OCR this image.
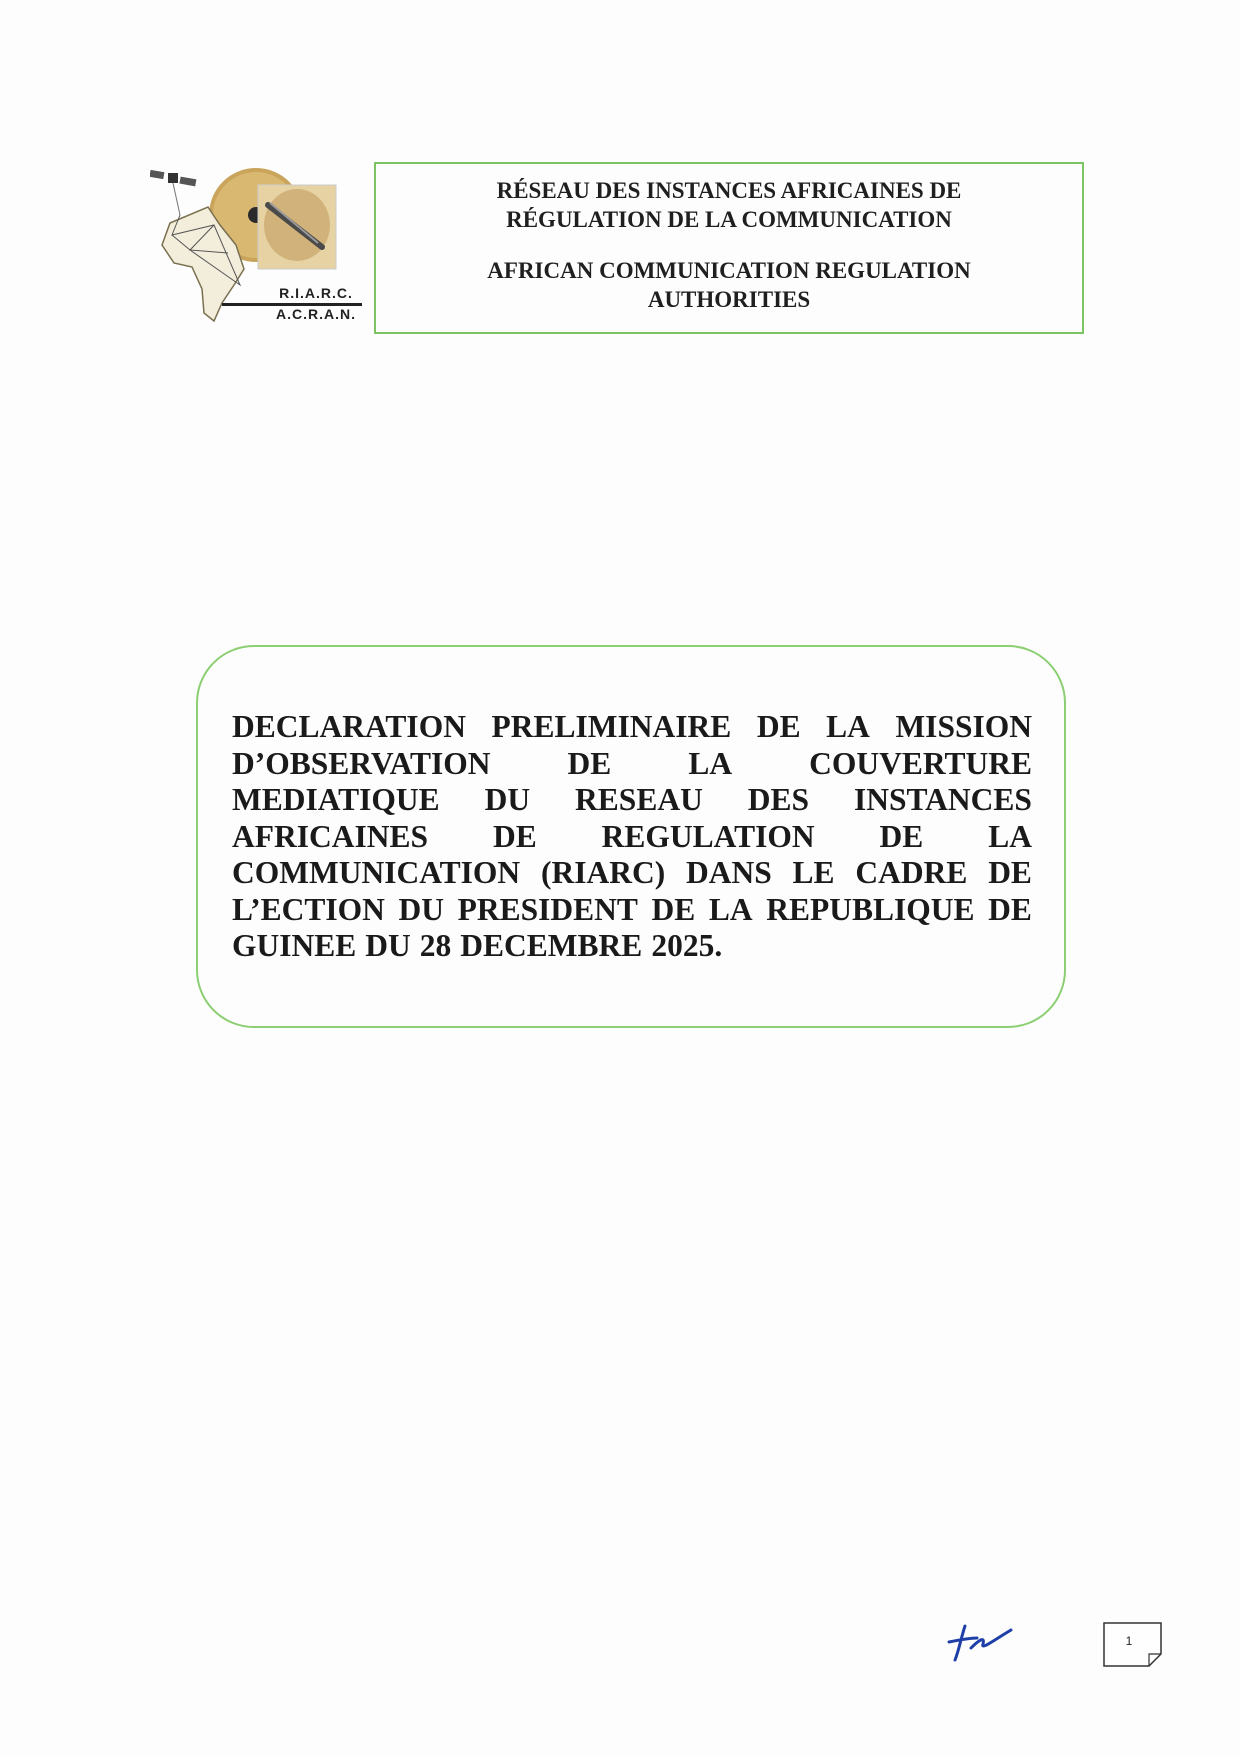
R.I.A.R.C.
A.C.R.A.N.
RÉSEAU DES INSTANCES AFRICAINES DE
RÉGULATION DE LA COMMUNICATION
AFRICAN COMMUNICATION REGULATION
AUTHORITIES
DECLARATION PRELIMINAIRE DE LA MISSION
D’OBSERVATION DE LA COUVERTURE
MEDIATIQUE DU RESEAU DES INSTANCES
AFRICAINES DE REGULATION DE LA
COMMUNICATION (RIARC) DANS LE CADRE DE
L’ECTION DU PRESIDENT DE LA REPUBLIQUE DE
GUINEE DU 28 DECEMBRE 2025.
1
